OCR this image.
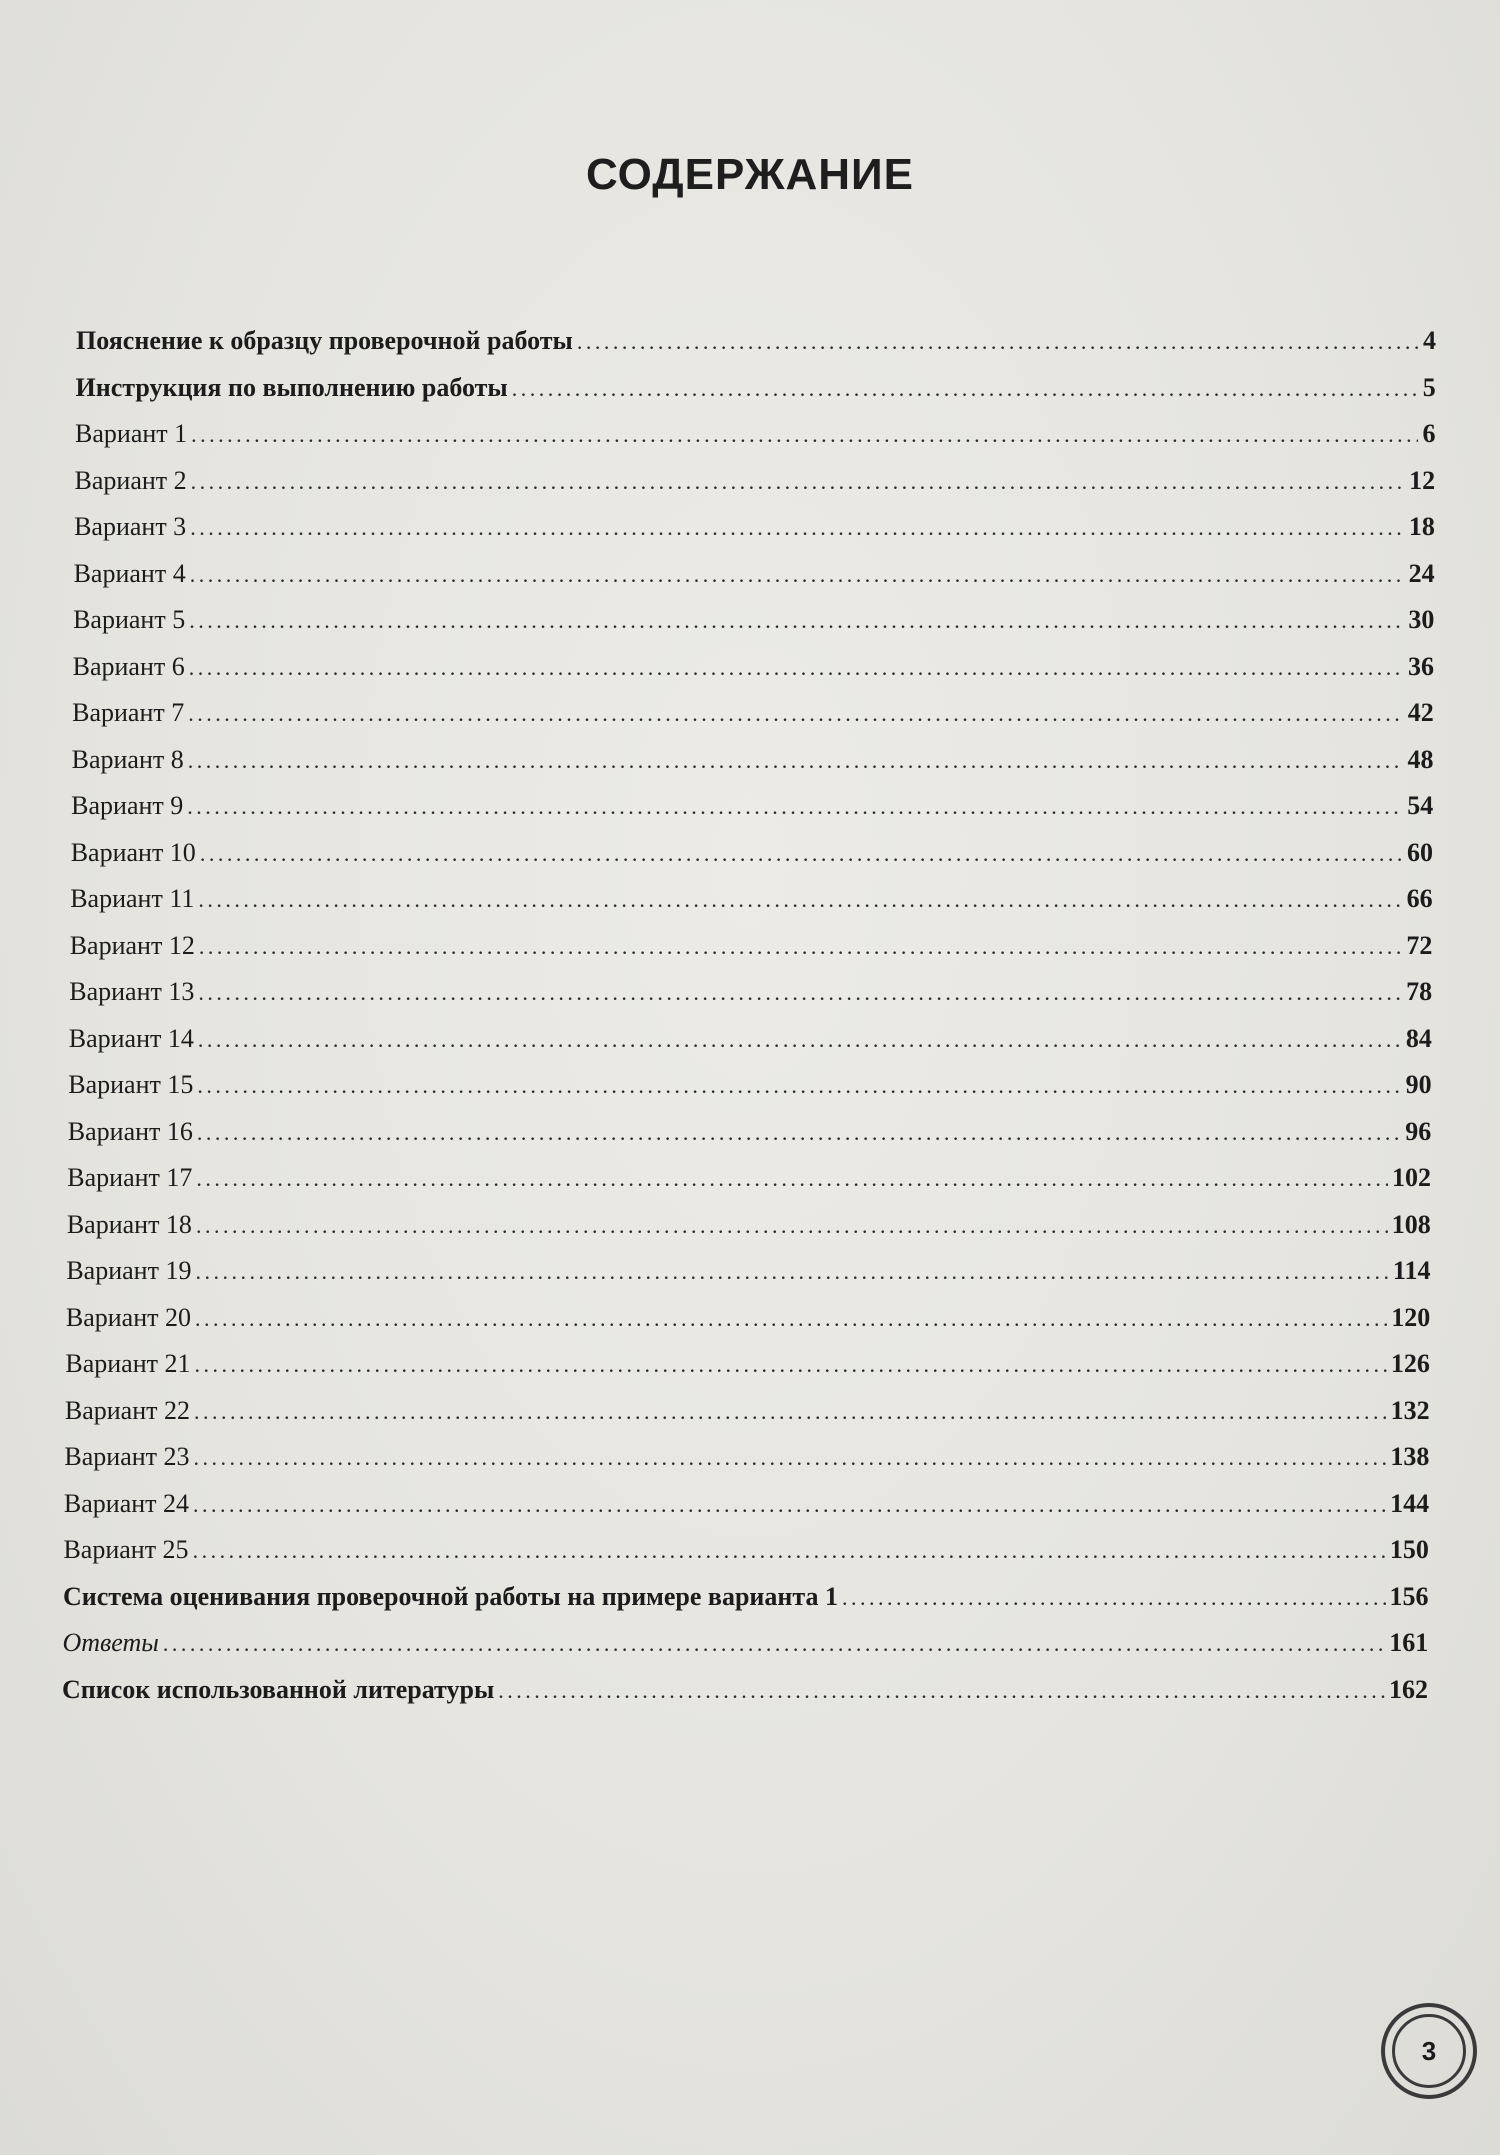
СОДЕРЖАНИЕ
Пояснение к образцу проверочной работы . . .	4
Инструкция по выполнению работы . . .	5
Вариант 1 . . .	6
Вариант 2 . . .	12
Вариант 3 . . .	18
Вариант 4 . . .	24
Вариант 5 . . .	30
Вариант 6 . . .	36
Вариант 7 . . .	42
Вариант 8 . . .	48
Вариант 9 . . .	54
Вариант 10 . . .	60
Вариант 11 . . .	66
Вариант 12 . . .	72
Вариант 13 . . .	78
Вариант 14 . . .	84
Вариант 15 . . .	90
Вариант 16 . . .	96
Вариант 17 . . .	102
Вариант 18 . . .	108
Вариант 19 . . .	114
Вариант 20 . . .	120
Вариант 21 . . .	126
Вариант 22 . . .	132
Вариант 23 . . .	138
Вариант 24 . . .	144
Вариант 25 . . .	150
Система оценивания проверочной работы на примере варианта 1 . . .	156
Ответы . . .	161
Список использованной литературы . . .	162
3
